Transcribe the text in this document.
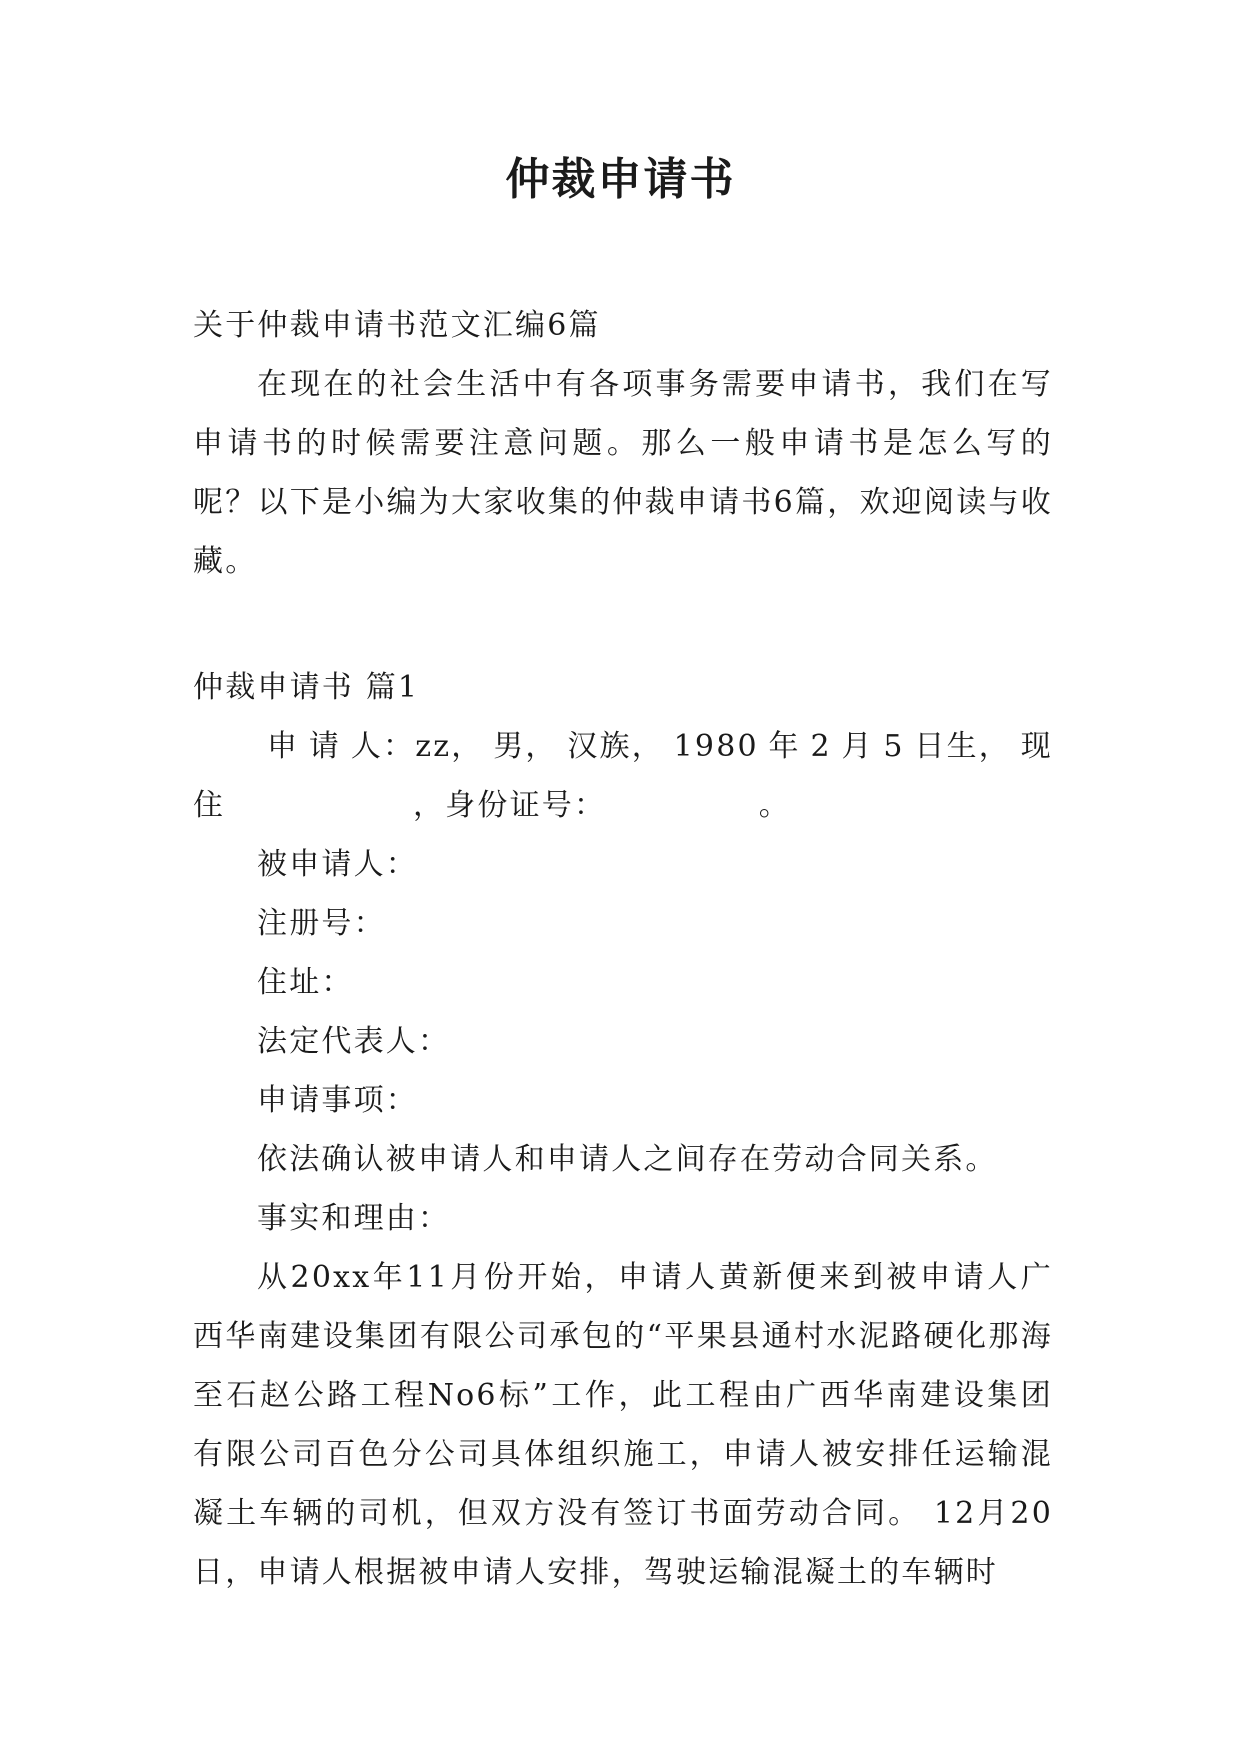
仲裁申请书

关于仲裁申请书范文汇编6篇

在现在的社会生活中有各项事务需要申请书，我们在写申请书的时候需要注意问题。那么一般申请书是怎么写的呢？以下是小编为大家收集的仲裁申请书6篇，欢迎阅读与收藏。

仲裁申请书 篇1

申 请 人：zz， 男， 汉族， 1980 年 2 月 5 日生， 现

住                ，身份证号：             。

被申请人：

注册号：

住址：

法定代表人：

申请事项：

依法确认被申请人和申请人之间存在劳动合同关系。

事实和理由：

从20xx年11月份开始，申请人黄新便来到被申请人广西华南建设集团有限公司承包的“平果县通村水泥路硬化那海至石赵公路工程No6标”工作，此工程由广西华南建设集团有限公司百色分公司具体组织施工，申请人被安排任运输混凝土车辆的司机，但双方没有签订书面劳动合同。 12月20日，申请人根据被申请人安排，驾驶运输混凝土的车辆时
